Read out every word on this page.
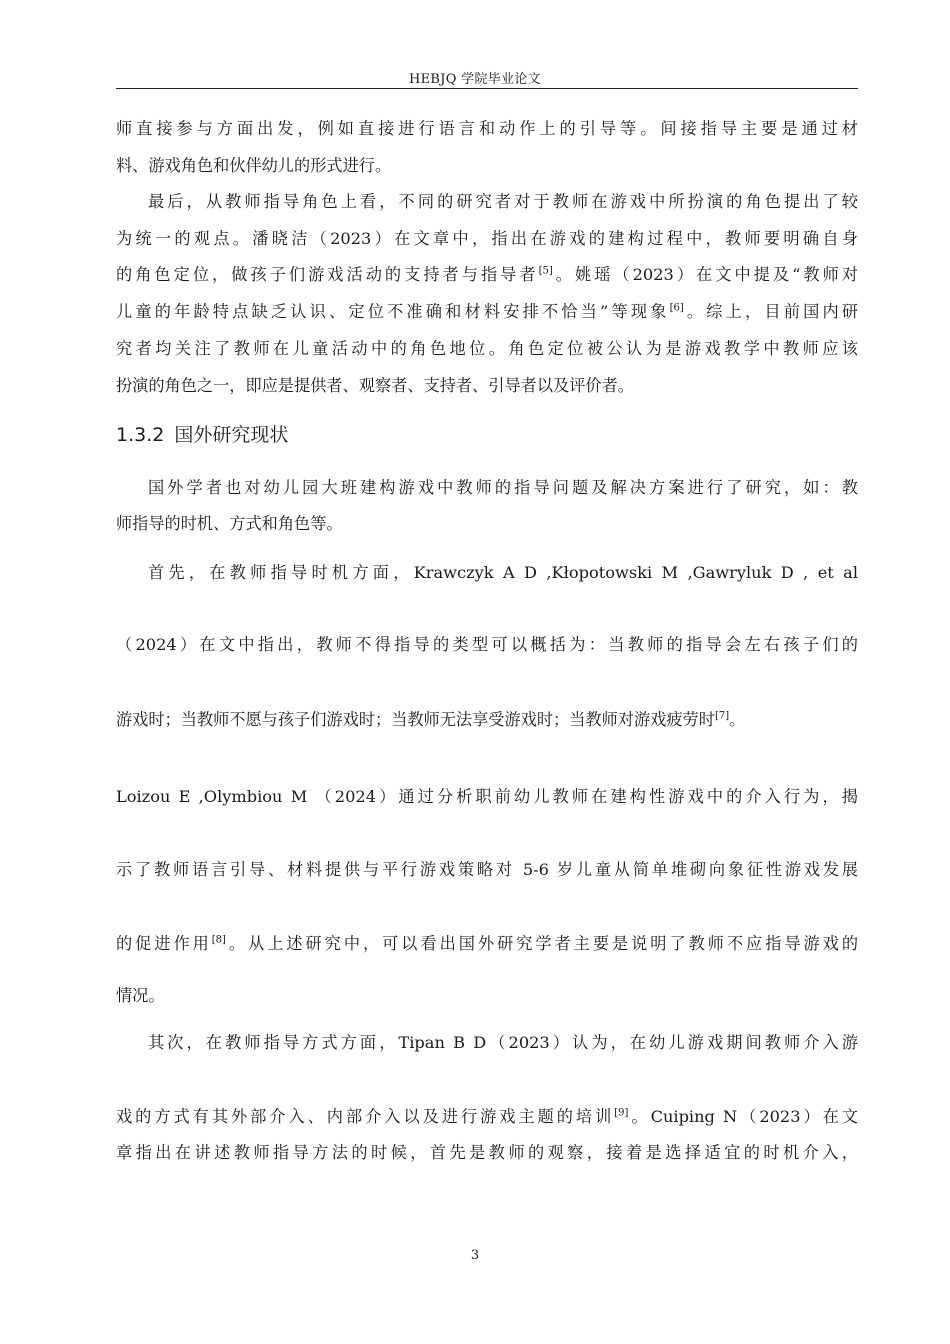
HEBJQ 学院毕业论文
师直接参与方面出发，例如直接进行语言和动作上的引导等。间接指导主要是通过材
料、游戏角色和伙伴幼儿的形式进行。
最后，从教师指导角色上看，不同的研究者对于教师在游戏中所扮演的角色提出了较
为统一的观点。潘晓洁（2023）在文章中，指出在游戏的建构过程中，教师要明确自身
的角色定位，做孩子们游戏活动的支持者与指导者[5]。姚瑶（2023）在文中提及“教师对
儿童的年龄特点缺乏认识、定位不准确和材料安排不恰当”等现象[6]。综上，目前国内研
究者均关注了教师在儿童活动中的角色地位。角色定位被公认为是游戏教学中教师应该
扮演的角色之一，即应是提供者、观察者、支持者、引导者以及评价者。
1.3.2 国外研究现状
国外学者也对幼儿园大班建构游戏中教师的指导问题及解决方案进行了研究，如：教
师指导的时机、方式和角色等。
首先，在教师指导时机方面，Krawczyk A D ,Kłopotowski M ,Gawryluk D , et al
（2024）在文中指出，教师不得指导的类型可以概括为：当教师的指导会左右孩子们的
游戏时；当教师不愿与孩子们游戏时；当教师无法享受游戏时；当教师对游戏疲劳时[7]。
Loizou E ,Olymbiou M （2024）通过分析职前幼儿教师在建构性游戏中的介入行为，揭
示了教师语言引导、材料提供与平行游戏策略对 5-6 岁儿童从简单堆砌向象征性游戏发展
的促进作用[8]。从上述研究中，可以看出国外研究学者主要是说明了教师不应指导游戏的
情况。
其次，在教师指导方式方面，Tipan B D（2023）认为，在幼儿游戏期间教师介入游
戏的方式有其外部介入、内部介入以及进行游戏主题的培训[9]。Cuiping N（2023）在文
章指出在讲述教师指导方法的时候，首先是教师的观察，接着是选择适宜的时机介入，
3
